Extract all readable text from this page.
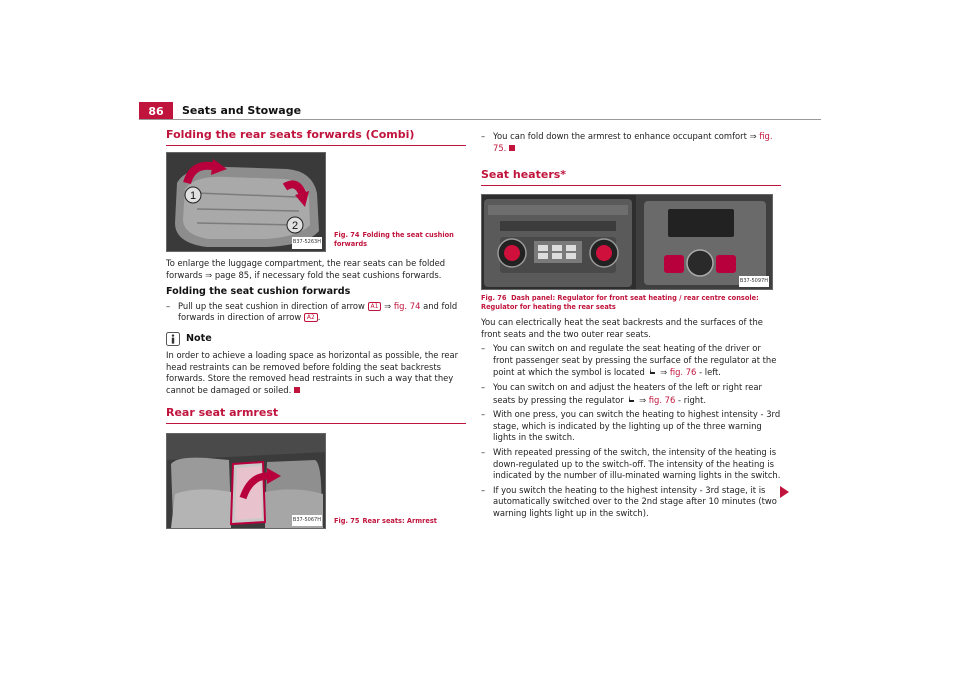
86	Seats and Stowage
Folding the rear seats forwards (Combi)
1
2
B37-5263H
Fig. 74 Folding the seat cushion forwards

To enlarge the luggage compartment, the rear seats can be folded forwards ⇒ page 85, if necessary fold the seat cushions forwards.

Folding the seat cushion forwards
– Pull up the seat cushion in direction of arrow A1 ⇒ fig. 74 and fold forwards in direction of arrow A2 .
Note

In order to achieve a loading space as horizontal as possible, the rear head restraints can be removed before folding the seat backrests forwards. Store the removed head restraints in such a way that they cannot be damaged or soiled.

Rear seat armrest
B37-5067H Fig. 75 Rear seats: Armrest
– You can fold down the armrest to enhance occupant comfort ⇒ fig. 75.
Seat heaters*
B37-5097H
Fig. 76 Dash panel: Regulator for front seat heating / rear centre console: Regulator for heating the rear seats

You can electrically heat the seat backrests and the surfaces of the front seats and the two outer rear seats.

– You can switch on and regulate the seat heating of the driver or front passenger seat by pressing the surface of the regulator at the point at which the symbol is located ⇒ fig. 76 - left.
– You can switch on and adjust the heaters of the left or right rear seats by pressing the regulator ⇒ fig. 76 - right.
– With one press, you can switch the heating to highest intensity - 3rd stage, which is indicated by the lighting up of the three warning lights in the switch.
– With repeated pressing of the switch, the intensity of the heating is down-regulated up to the switch-off. The intensity of the heating is indicated by the number of illu-minated warning lights in the switch.
– If you switch the heating to the highest intensity - 3rd stage, it is automatically switched over to the 2nd stage after 10 minutes (two warning lights light up in the switch).
